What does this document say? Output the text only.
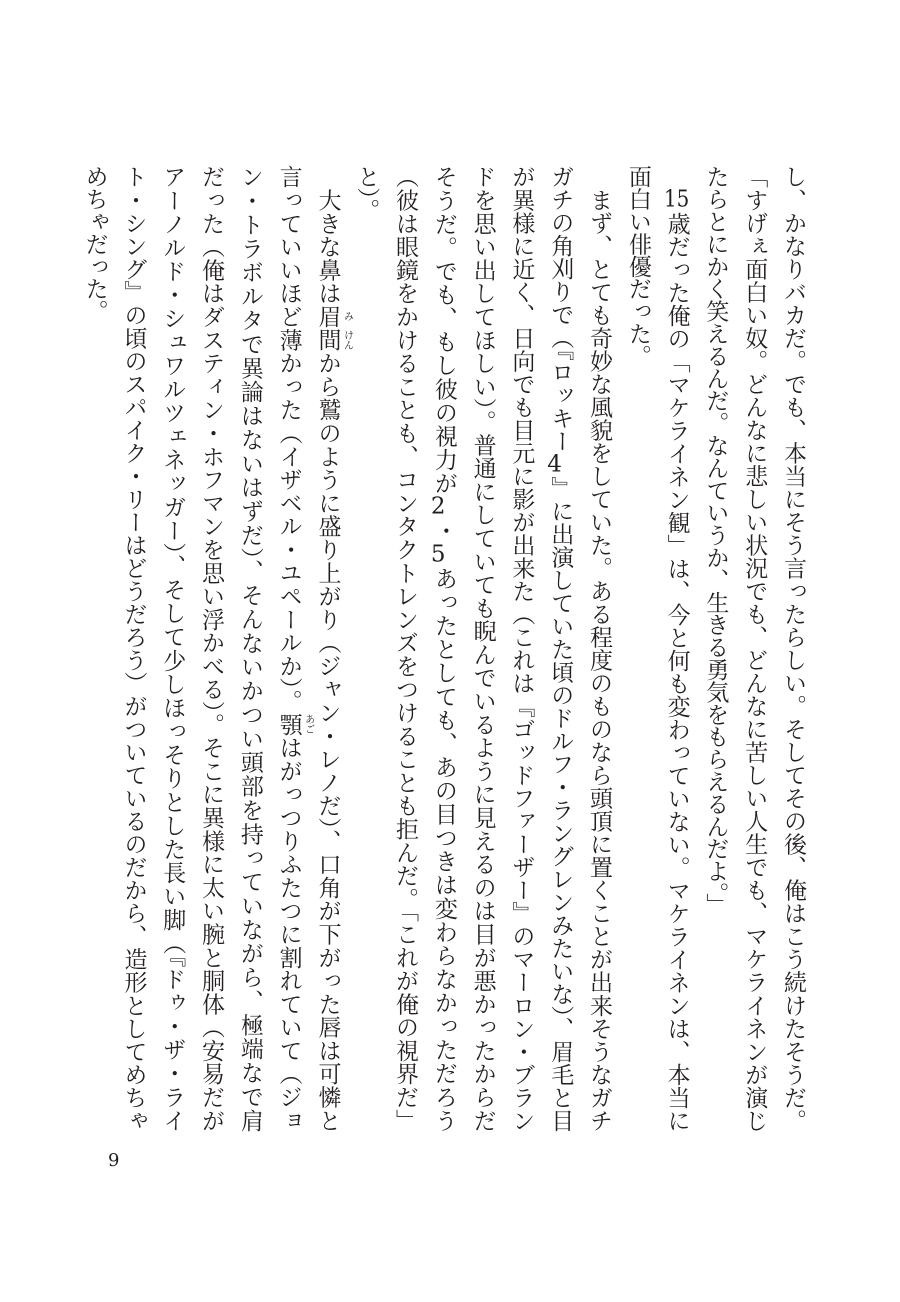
し、かなりバカだ。でも、本当にそう言ったらしい。そしてその後、俺はこう続けたそうだ。
「すげぇ面白い奴。どんなに悲しい状況でも、どんなに苦しい人生でも、マケライネンが演じ
たらとにかく笑えるんだ。なんていうか、生きる勇気をもらえるんだよ。」
　15歳だった俺の「マケライネン観」は、今と何も変わっていない。マケライネンは、本当に
面白い俳優だった。
　まず、とても奇妙な風貌をしていた。ある程度のものなら頭頂に置くことが出来そうなガチ
ガチの角刈りで（『ロッキー4』に出演していた頃のドルフ・ラングレンみたいな）、眉毛と目
が異様に近く、日向でも目元に影が出来た（これは『ゴッドファーザー』のマーロン・ブラン
ドを思い出してほしい）。普通にしていても睨んでいるように見えるのは目が悪かったからだ
そうだ。でも、もし彼の視力が2・5あったとしても、あの目つきは変わらなかっただろう
（彼は眼鏡をかけることも、コンタクトレンズをつけることも拒んだ。「これが俺の視界だ」
と）。
　大きな鼻は眉 み
間 けん
から鷲のように盛り上がり（ジャン・レノだ）、口角が下がった唇は可憐と
言っていいほど薄かった（イザベル・ユペールか）。顎 あご
はがっつりふたつに割れていて（ジョ
ン・トラボルタで異論はないはずだ）、そんないかつい頭部を持っていながら、極端なで肩
だった（俺はダスティン・ホフマンを思い浮かべる）。そこに異様に太い腕と胴体（安易だが
アーノルド・シュワルツェネッガー）、そして少しほっそりとした長い脚（『ドゥ・ザ・ライ
ト・シング』の頃のスパイク・リーはどうだろう）がついているのだから、造形としてめちゃ
めちゃだった。
9
